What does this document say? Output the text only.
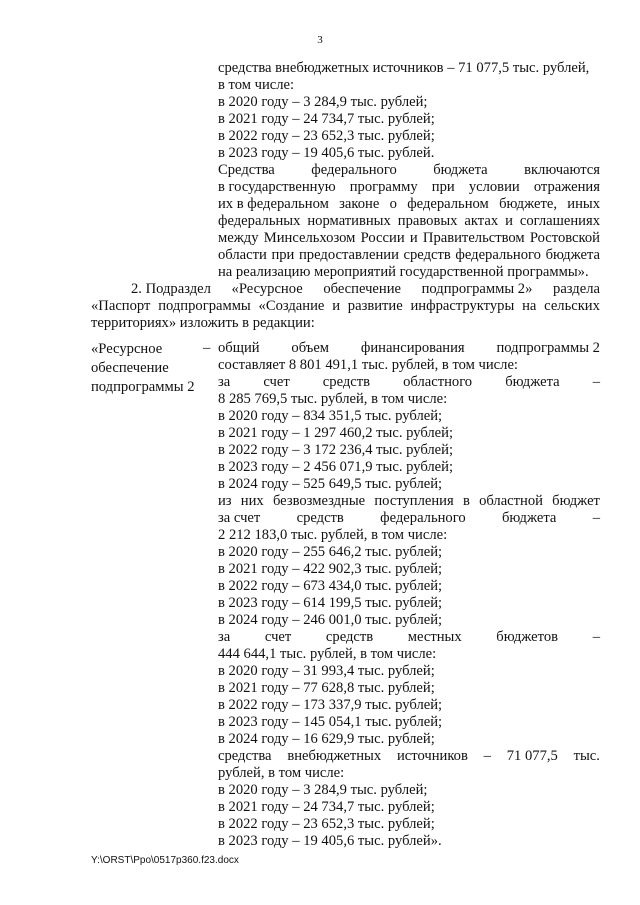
3
средства внебюджетных источников – 71 077,5 тыс. рублей,
в том числе:
в 2020 году – 3 284,9 тыс. рублей;
в 2021 году – 24 734,7 тыс. рублей;
в 2022 году – 23 652,3 тыс. рублей;
в 2023 году – 19 405,6 тыс. рублей.
Средства федерального бюджета включаются
в государственную программу при условии отражения
их в федеральном законе о федеральном бюджете, иных
федеральных нормативных правовых актах и соглашениях
между Минсельхозом России и Правительством Ростовской
области при предоставлении средств федерального бюджета
на реализацию мероприятий государственной программы».
2. Подраздел «Ресурсное обеспечение подпрограммы 2» раздела
«Паспорт подпрограммы «Создание и развитие инфраструктуры на сельских
территориях» изложить в редакции:
«Ресурсное
обеспечение
подпрограммы 2
– общий объем финансирования подпрограммы 2
составляет 8 801 491,1 тыс. рублей, в том числе:
за счет средств областного бюджета –
8 285 769,5 тыс. рублей, в том числе:
в 2020 году – 834 351,5 тыс. рублей;
в 2021 году – 1 297 460,2 тыс. рублей;
в 2022 году – 3 172 236,4 тыс. рублей;
в 2023 году – 2 456 071,9 тыс. рублей;
в 2024 году – 525 649,5 тыс. рублей;
из них безвозмездные поступления в областной бюджет
за счет средств федерального бюджета –
2 212 183,0 тыс. рублей, в том числе:
в 2020 году – 255 646,2 тыс. рублей;
в 2021 году – 422 902,3 тыс. рублей;
в 2022 году – 673 434,0 тыс. рублей;
в 2023 году – 614 199,5 тыс. рублей;
в 2024 году – 246 001,0 тыс. рублей;
за счет средств местных бюджетов –
444 644,1 тыс. рублей, в том числе:
в 2020 году – 31 993,4 тыс. рублей;
в 2021 году – 77 628,8 тыс. рублей;
в 2022 году – 173 337,9 тыс. рублей;
в 2023 году – 145 054,1 тыс. рублей;
в 2024 году – 16 629,9 тыс. рублей;
средства внебюджетных источников – 71 077,5 тыс.
рублей, в том числе:
в 2020 году – 3 284,9 тыс. рублей;
в 2021 году – 24 734,7 тыс. рублей;
в 2022 году – 23 652,3 тыс. рублей;
в 2023 году – 19 405,6 тыс. рублей».
Y:\ORST\Ppo\0517p360.f23.docx
